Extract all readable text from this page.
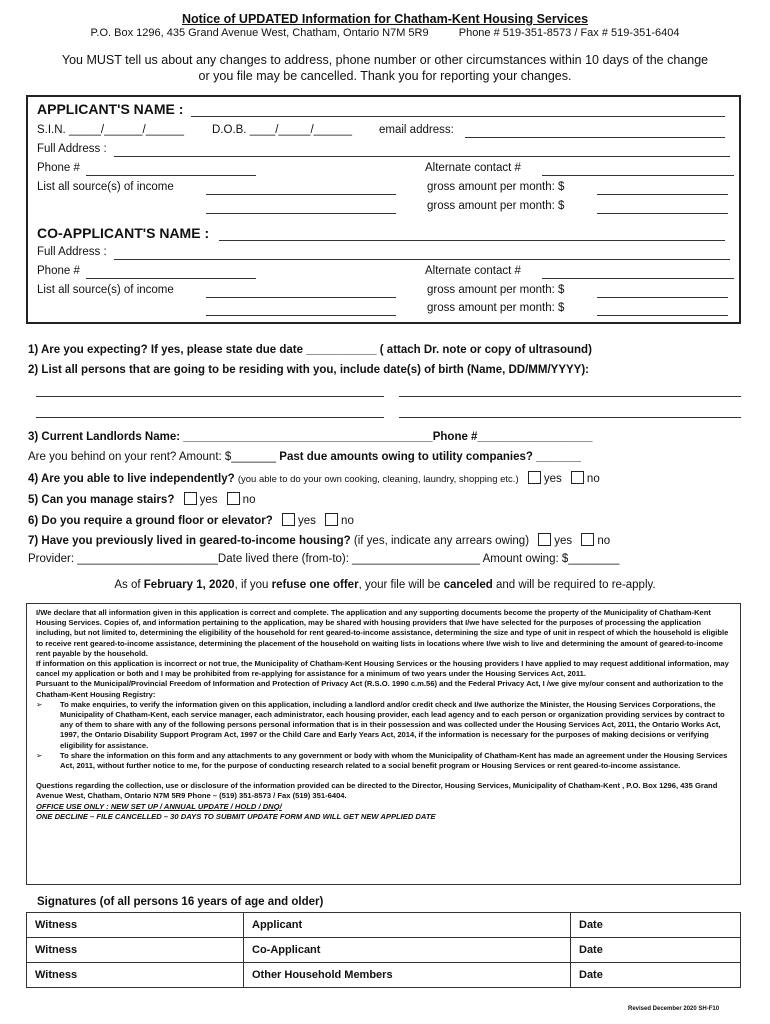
Notice of UPDATED Information for Chatham-Kent Housing Services
P.O. Box 1296, 435 Grand Avenue West, Chatham, Ontario N7M 5R9	Phone # 519-351-8573 / Fax # 519-351-6404
You MUST tell us about any changes to address, phone number or other circumstances within 10 days of the change
or you file may be cancelled. Thank you for reporting your changes.
APPLICANT'S NAME :
S.I.N. _____/______/______ D.O.B. ____/_____/______ email address:
Full Address :
Phone #	Alternate contact #
List all source(s) of income	gross amount per month: $
gross amount per month: $
CO-APPLICANT'S NAME :
Full Address :
Phone #	Alternate contact #
List all source(s) of income	gross amount per month: $
gross amount per month: $
1) Are you expecting? If yes, please state due date ___________ ( attach Dr. note or copy of ultrasound)
2) List all persons that are going to be residing with you, include date(s) of birth (Name, DD/MM/YYYY):
3) Current Landlords Name: _______________________________________Phone #__________________
Are you behind on your rent? Amount: $_______ Past due amounts owing to utility companies? _______
4) Are you able to live independently? (you able to do your own cooking, cleaning, laundry, shopping etc.) yes no
5) Can you manage stairs? yes no
6) Do you require a ground floor or elevator? yes no
7) Have you previously lived in geared-to-income housing? (if yes, indicate any arrears owing) yes no
Provider: ______________________Date lived there (from-to): ____________________ Amount owing: $________
As of February 1, 2020, if you refuse one offer, your file will be canceled and will be required to re-apply.

I/We declare that all information given in this application is correct and complete. The application and any supporting documents become the property of the Municipality of Chatham-Kent Housing Services. Copies of, and information pertaining to the application, may be shared with housing providers that I/we have selected for the purposes of processing the application including, but not limited to, determining the eligibility of the household for rent geared-to-income assistance, determining the size and type of unit in respect of which the household is eligible to receive rent geared-to-income assistance, determining the placement of the household on waiting lists in locations where I/we wish to live and determining the amount of geared-to-income rent payable by the household.

If information on this application is incorrect or not true, the Municipality of Chatham-Kent Housing Services or the housing providers I have applied to may request additional information, may cancel my application or both and I may be prohibited from re-applying for assistance for a minimum of two years under the Housing Services Act, 2011.

Pursuant to the Municipal/Provincial Freedom of Information and Protection of Privacy Act (R.S.O. 1990 c.m.56) and the Federal Privacy Act, I /we give my/our consent and authorization to the Chatham-Kent Housing Registry:

➢ To make enquiries, to verify the information given on this application, including a landlord and/or credit check and I/we authorize the Minister, the Housing Services Corporations, the Municipality of Chatham-Kent, each service manager, each administrator, each housing provider, each lead agency and to each person or organization providing services by contract to any of them to share with any of the following persons personal information that is in their possession and was collected under the Housing Services Act, 2011, the Ontario Works Act, 1997, the Ontario Disability Support Program Act, 1997 or the Child Care and Early Years Act, 2014, if the information is necessary for the purposes of making decisions or verifying eligibility for assistance.

➢ To share the information on this form and any attachments to any government or body with whom the Municipality of Chatham-Kent has made an agreement under the Housing Services Act, 2011, without further notice to me, for the purpose of conducting research related to a social benefit program or Housing Services or rent geared-to-income assistance.

Questions regarding the collection, use or disclosure of the information provided can be directed to the Director, Housing Services, Municipality of Chatham-Kent , P.O. Box 1296, 435 Grand Avenue West, Chatham, Ontario N7M 5R9 Phone – (519) 351-8573 / Fax (519) 351-6404.

OFFICE USE ONLY : NEW SET UP / ANNUAL UPDATE / HOLD / DNQ/

ONE DECLINE – FILE CANCELLED – 30 DAYS TO SUBMIT UPDATE FORM AND WILL GET NEW APPLIED DATE

Signatures (of all persons 16 years of age and older)
Witness	Applicant	Date
Witness	Co-Applicant	Date
Witness	Other Household Members	Date
Revised December 2020 SH-F10
